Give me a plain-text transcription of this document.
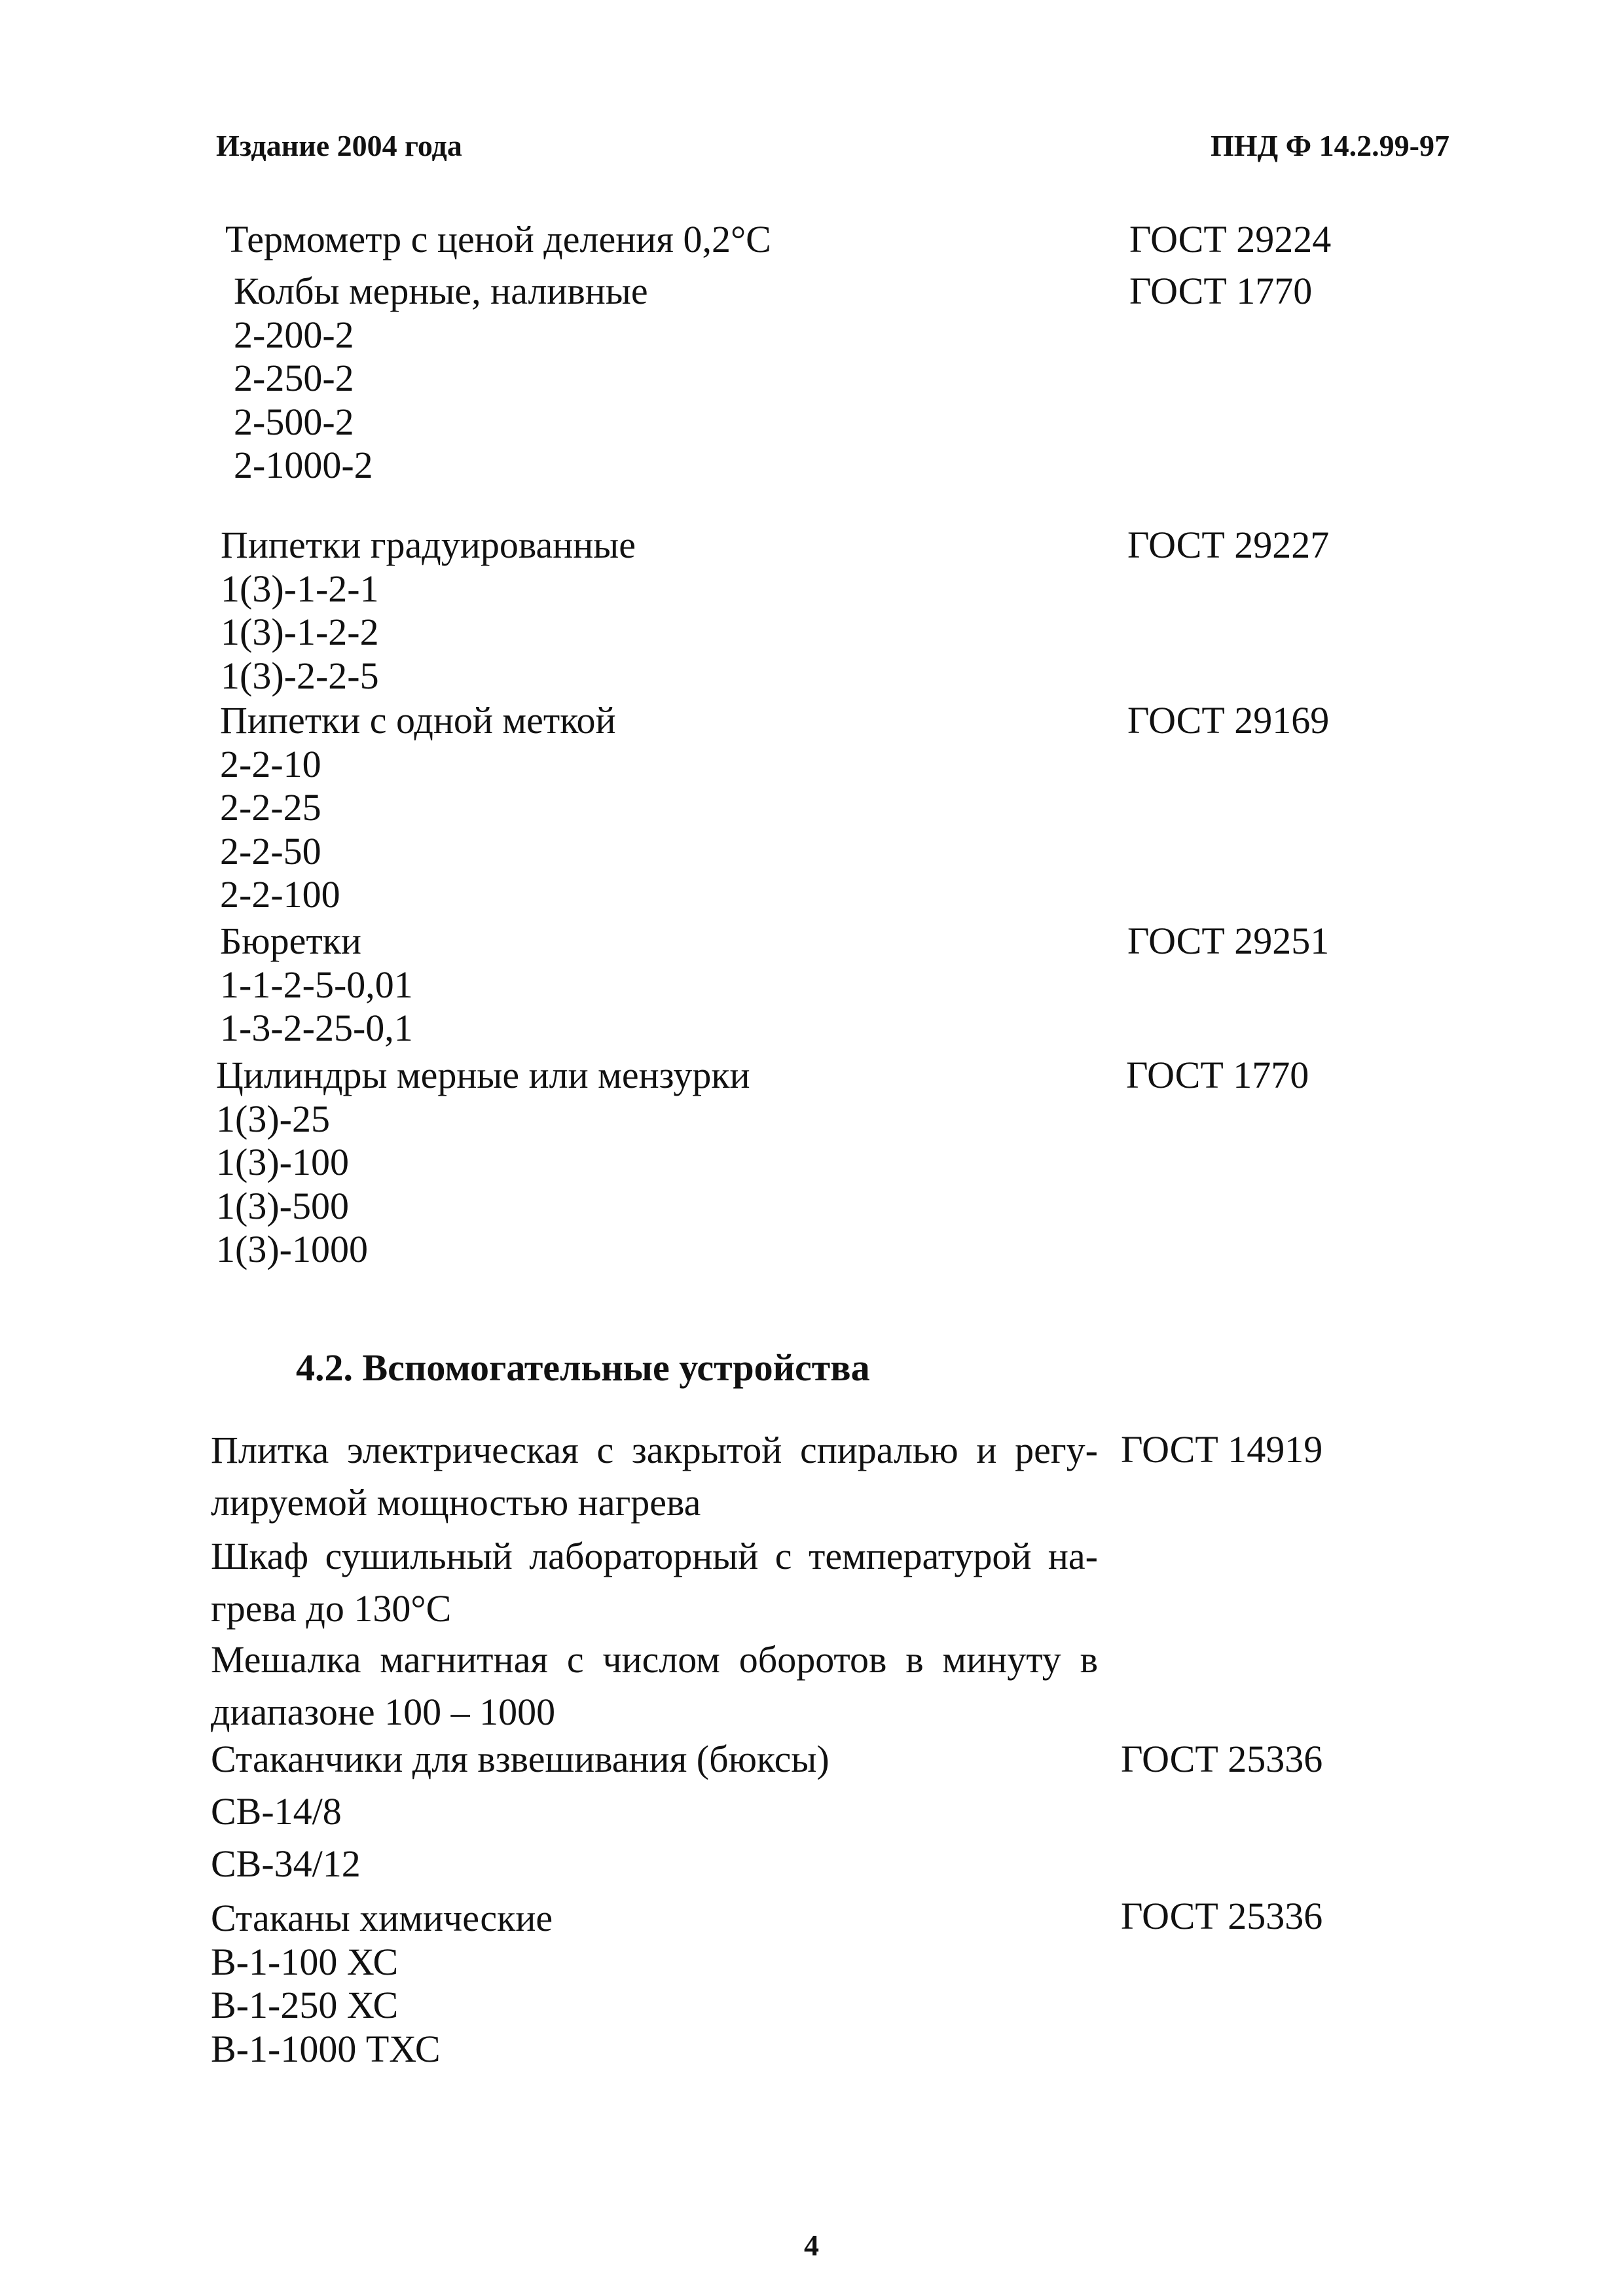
Издание 2004 года	ПНД Ф 14.2.99-97
Термометр с ценой деления 0,2°С	ГОСТ 29224
Колбы мерные, наливные
2-200-2
2-250-2
2-500-2
2-1000-2
ГОСТ 1770
Пипетки градуированные
1(3)-1-2-1
1(3)-1-2-2
1(3)-2-2-5
ГОСТ 29227
Пипетки с одной меткой
2-2-10
2-2-25
2-2-50
2-2-100
ГОСТ 29169
Бюретки
1-1-2-5-0,01
1-3-2-25-0,1
ГОСТ 29251
Цилиндры мерные или мензурки
1(3)-25
1(3)-100
1(3)-500
1(3)-1000
ГОСТ 1770
4.2. Вспомогательные устройства
Плитка электрическая с закрытой спиралью и регу-
лируемой мощностью нагрева
ГОСТ 14919
Шкаф сушильный лабораторный с температурой на-
грева до 130°С
Мешалка магнитная с числом оборотов в минуту в
диапазоне 100 – 1000
Стаканчики для взвешивания (бюксы)
СВ-14/8
СВ-34/12
ГОСТ 25336
Стаканы химические
В-1-100 ХС
В-1-250 ХС
В-1-1000 ТХС
ГОСТ 25336
4
